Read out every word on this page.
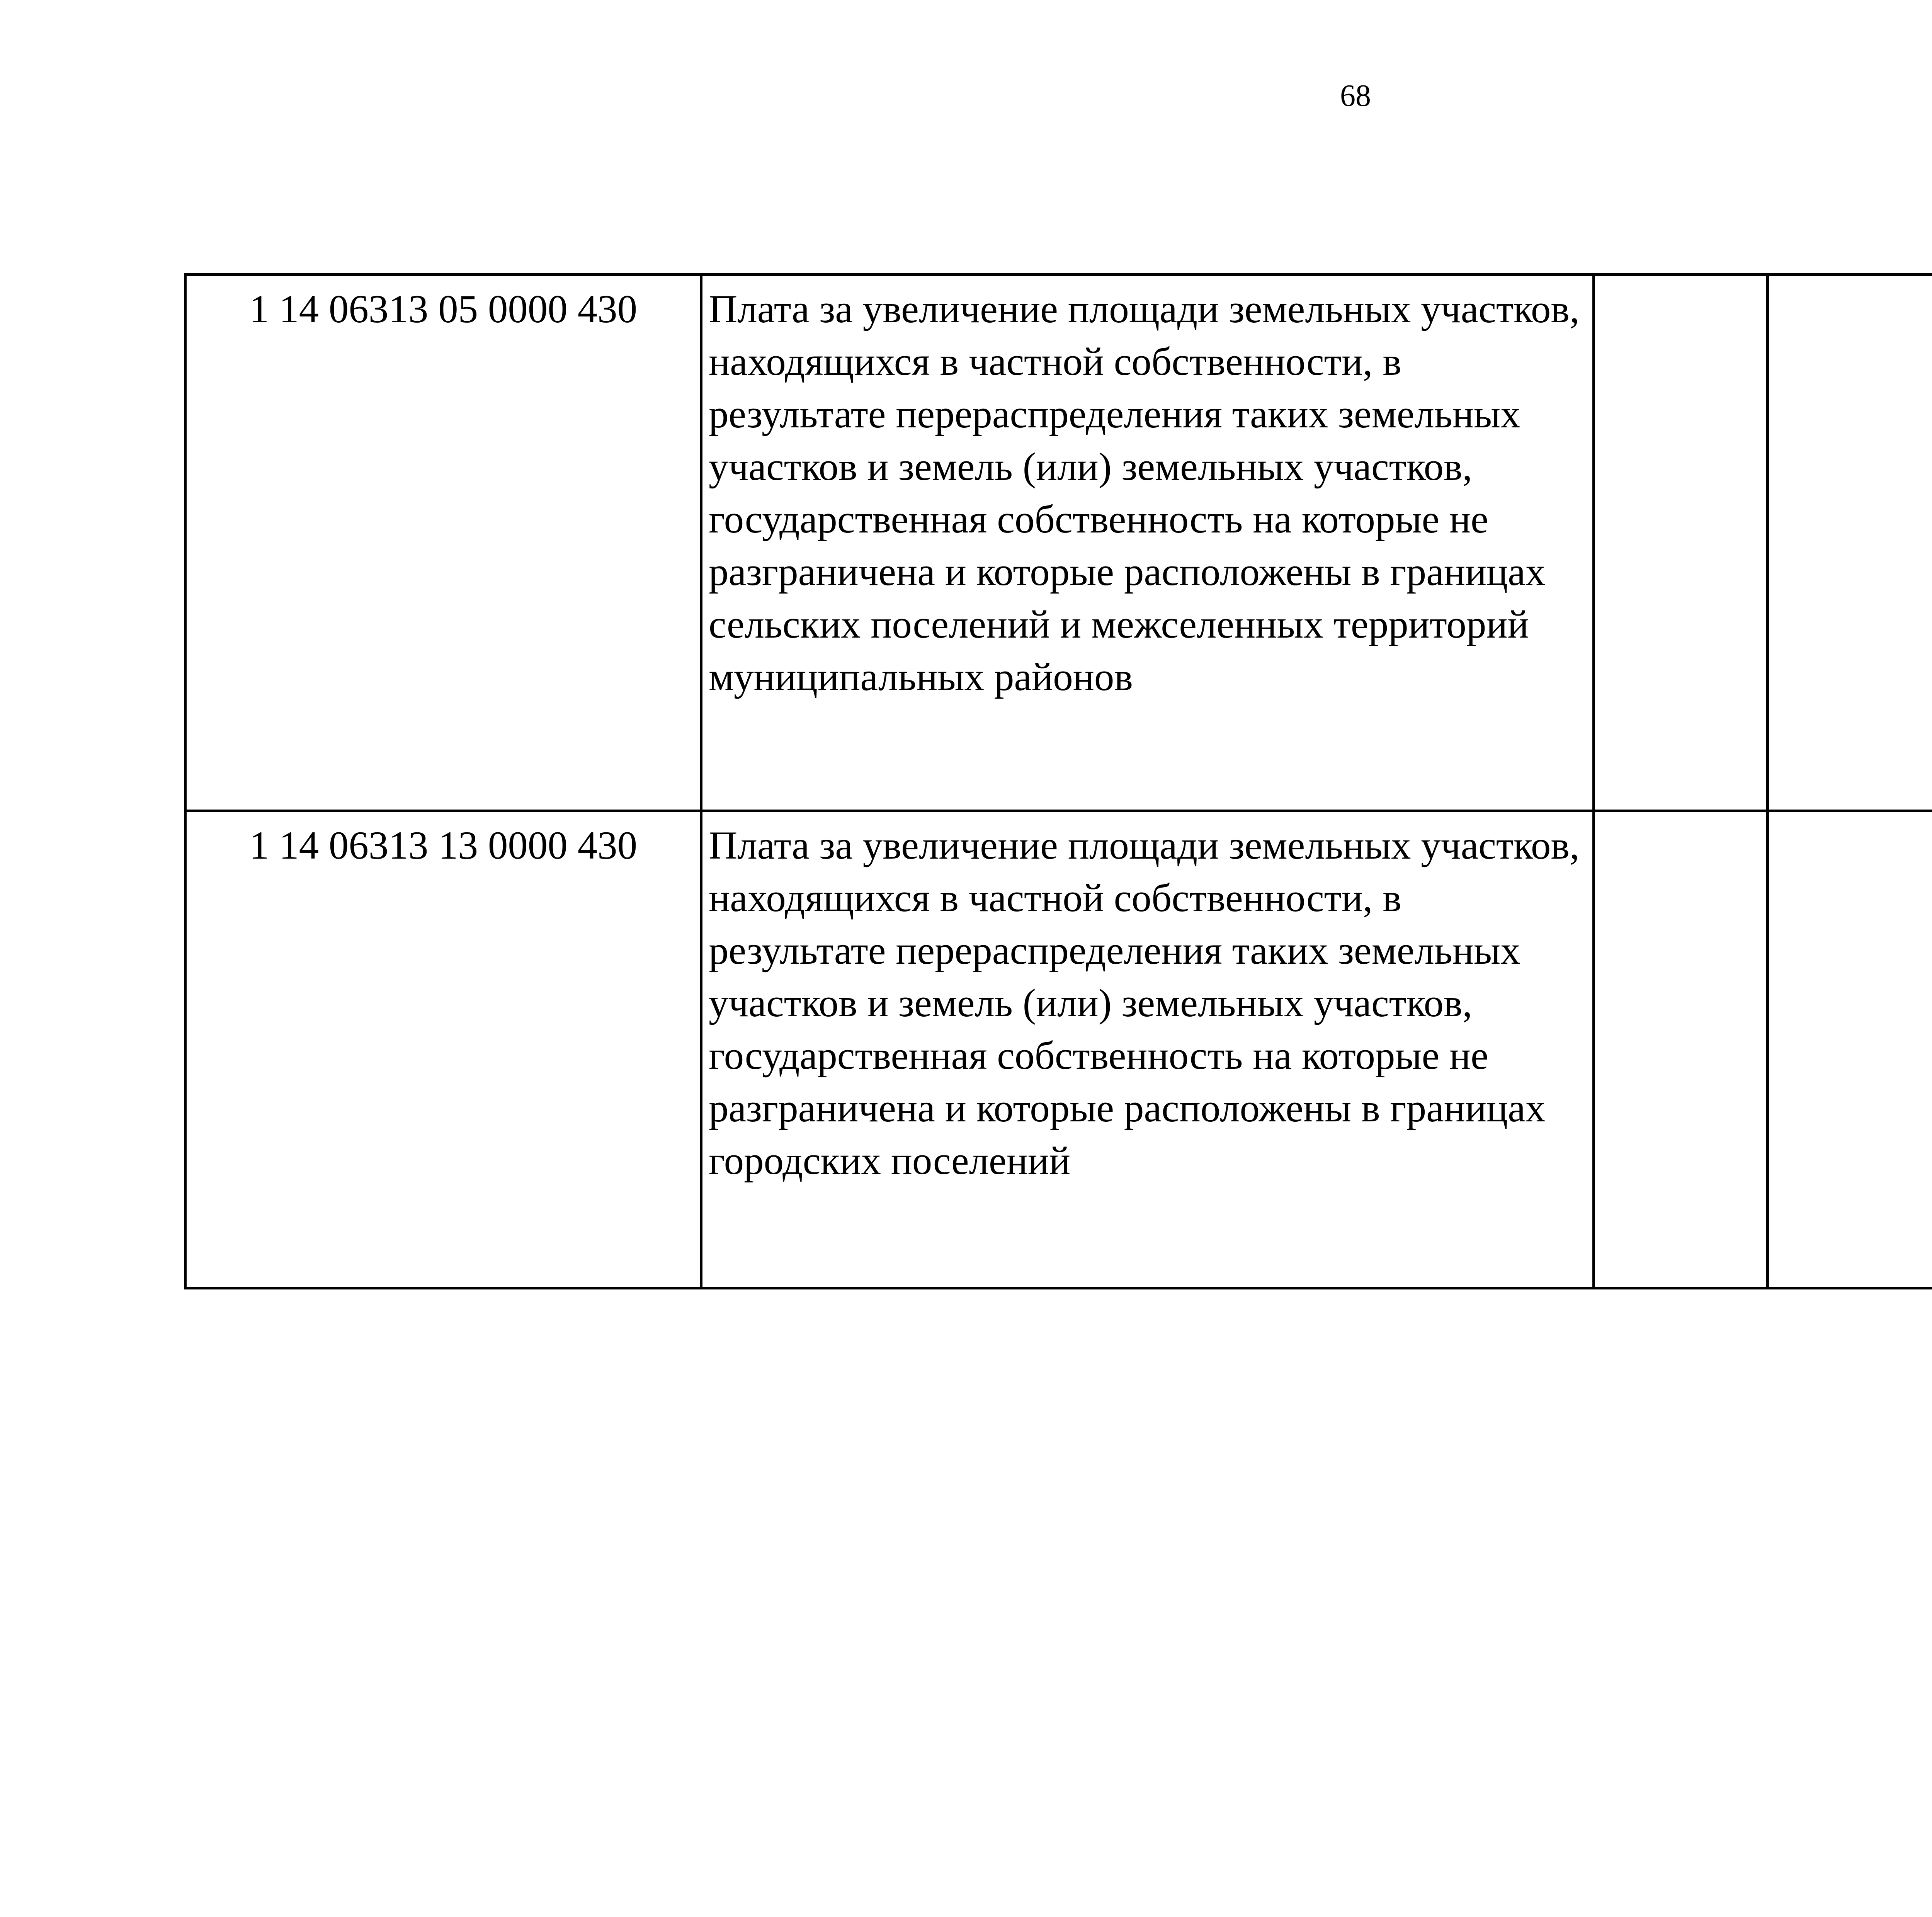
68
1 14 06313 05 0000 430	Плата за увеличение площади земельных участков, находящихся в частной собственности, в результате перераспределения таких земельных участков и земель (или) земельных участков, государственная собственность на которые не разграничена и которые расположены в границах сельских поселений и межселенных территорий муниципальных районов					
1 14 06313 13 0000 430	Плата за увеличение площади земельных участков, находящихся в частной собственности, в результате перераспределения таких земельных участков и земель (или) земельных участков, государственная собственность на которые не разграничена и которые расположены в границах городских поселений					
